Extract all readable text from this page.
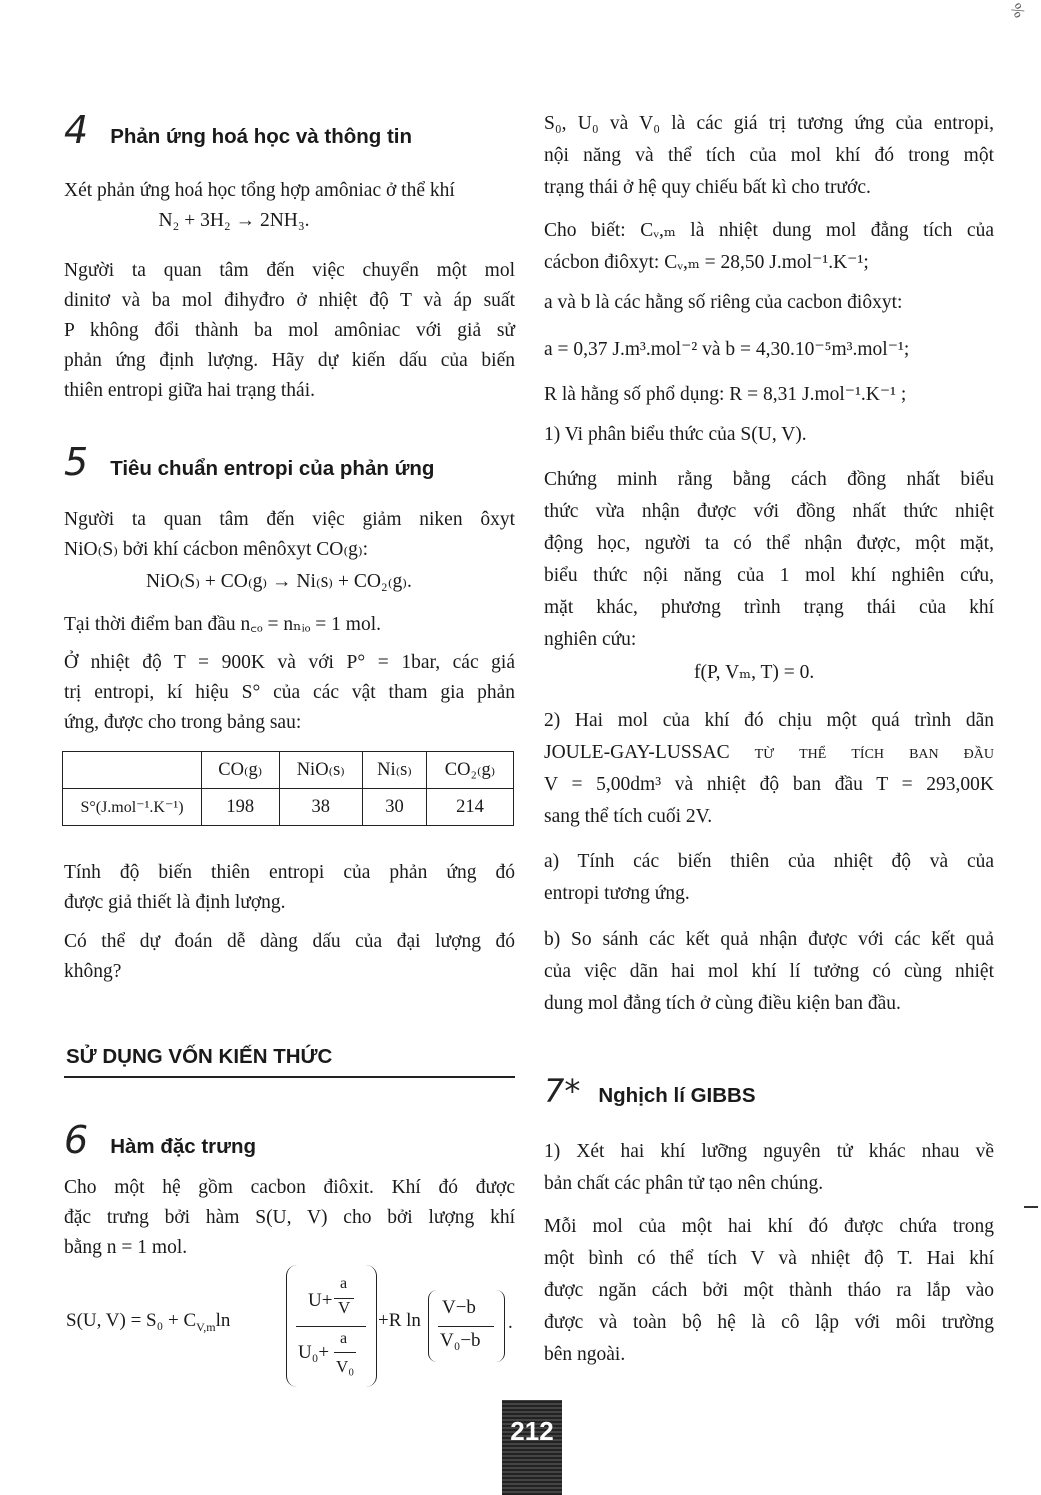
%
4 Phản ứng hoá học và thông tin

Xét phản ứng hoá học tổng hợp amôniac ở thể khí

N₂ + 3H₂ → 2NH₃.

Người ta quan tâm đến việc chuyển một mol

dinitơ và ba mol đihyđro ở nhiệt độ T và áp suất

P không đổi thành ba mol amôniac với giả sử

phản ứng định lượng. Hãy dự kiến dấu của biến

thiên entropi giữa hai trạng thái.

5 Tiêu chuẩn entropi của phản ứng

Người ta quan tâm đến việc giảm niken ôxyt

NiO₍S₎ bởi khí cácbon mênôxyt CO₍g₎:

NiO₍S₎ + CO₍g₎ → Ni₍s₎ + CO₂₍g₎.

Tại thời điểm ban đầu n꜀ₒ = nₙᵢₒ = 1 mol.

Ở nhiệt độ T = 900K và với P° = 1bar, các giá

trị entropi, kí hiệu S° của các vật tham gia phản

ứng, được cho trong bảng sau:

	CO₍g₎	NiO₍s₎	Ni₍s₎	CO₂₍g₎
S°(J.mol⁻¹.K⁻¹)	198	38	30	214

Tính độ biến thiên entropi của phản ứng đó

được giả thiết là định lượng.

Có thể dự đoán dễ dàng dấu của đại lượng đó

không?

SỬ DỤNG VỐN KIẾN THỨC
6 Hàm đặc trưng

Cho một hệ gồm cacbon điôxit. Khí đó được

đặc trưng bởi hàm S(U, V) cho bởi lượng khí

bằng n = 1 mol.

S(U, $V) = S_0 + C_{V,m}\ln$
U+
a
V
U₀+
a
V₀
+R ln
V−b
V₀−b
.

S₀, U₀ và V₀ là các giá trị tương ứng của entropi,

nội năng và thể tích của mol khí đó trong một

trạng thái ở hệ quy chiếu bất kì cho trước.

Cho biết: Cᵥ,ₘ là nhiệt dung mol đẳng tích của

cácbon điôxyt: Cᵥ,ₘ = 28,50 J.mol⁻¹.K⁻¹;

a và b là các hằng số riêng của cacbon điôxyt:

a = 0,37 J.m³.mol⁻² và b = 4,30.10⁻⁵m³.mol⁻¹;

R là hằng số phổ dụng: R = 8,31 J.mol⁻¹.K⁻¹ ;

1) Vi phân biểu thức của S(U, V).

Chứng minh rằng bằng cách đồng nhất biểu

thức vừa nhận được với đồng nhất thức nhiệt

động học, người ta có thể nhận được, một mặt,

biểu thức nội năng của 1 mol khí nghiên cứu,

mặt khác, phương trình trạng thái của khí

nghiên cứu:

f(P, Vₘ, T) = 0.

2) Hai mol của khí đó chịu một quá trình dãn

JOULE-GAY-LUSSAC từ thể tích ban đầu

V = 5,00dm³ và nhiệt độ ban đầu T = 293,00K

sang thể tích cuối 2V.

a) Tính các biến thiên của nhiệt độ và của

entropi tương ứng.

b) So sánh các kết quả nhận được với các kết quả

của việc dãn hai mol khí lí tưởng có cùng nhiệt

dung mol đẳng tích ở cùng điều kiện ban đầu.

7* Nghịch lí GIBBS

1) Xét hai khí lưỡng nguyên tử khác nhau về

bản chất các phân tử tạo nên chúng.

Mỗi mol của một hai khí đó được chứa trong

một bình có thể tích V và nhiệt độ T. Hai khí

được ngăn cách bởi một thành tháo ra lắp vào

được và toàn bộ hệ là cô lập với môi trường

bên ngoài.

212
